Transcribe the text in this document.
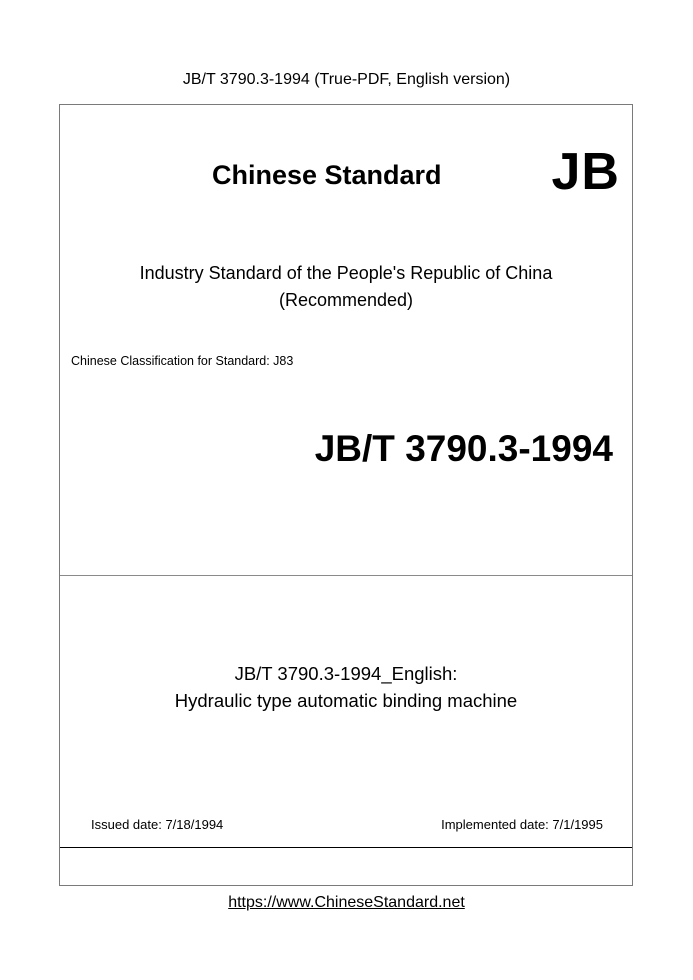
JB/T 3790.3-1994 (True-PDF, English version)
Chinese Standard JB
Industry Standard of the People's Republic of China
(Recommended)
Chinese Classification for Standard: J83
JB/T 3790.3-1994
JB/T 3790.3-1994_English:
Hydraulic type automatic binding machine
Issued date: 7/18/1994	Implemented date: 7/1/1995
https://www.ChineseStandard.net
